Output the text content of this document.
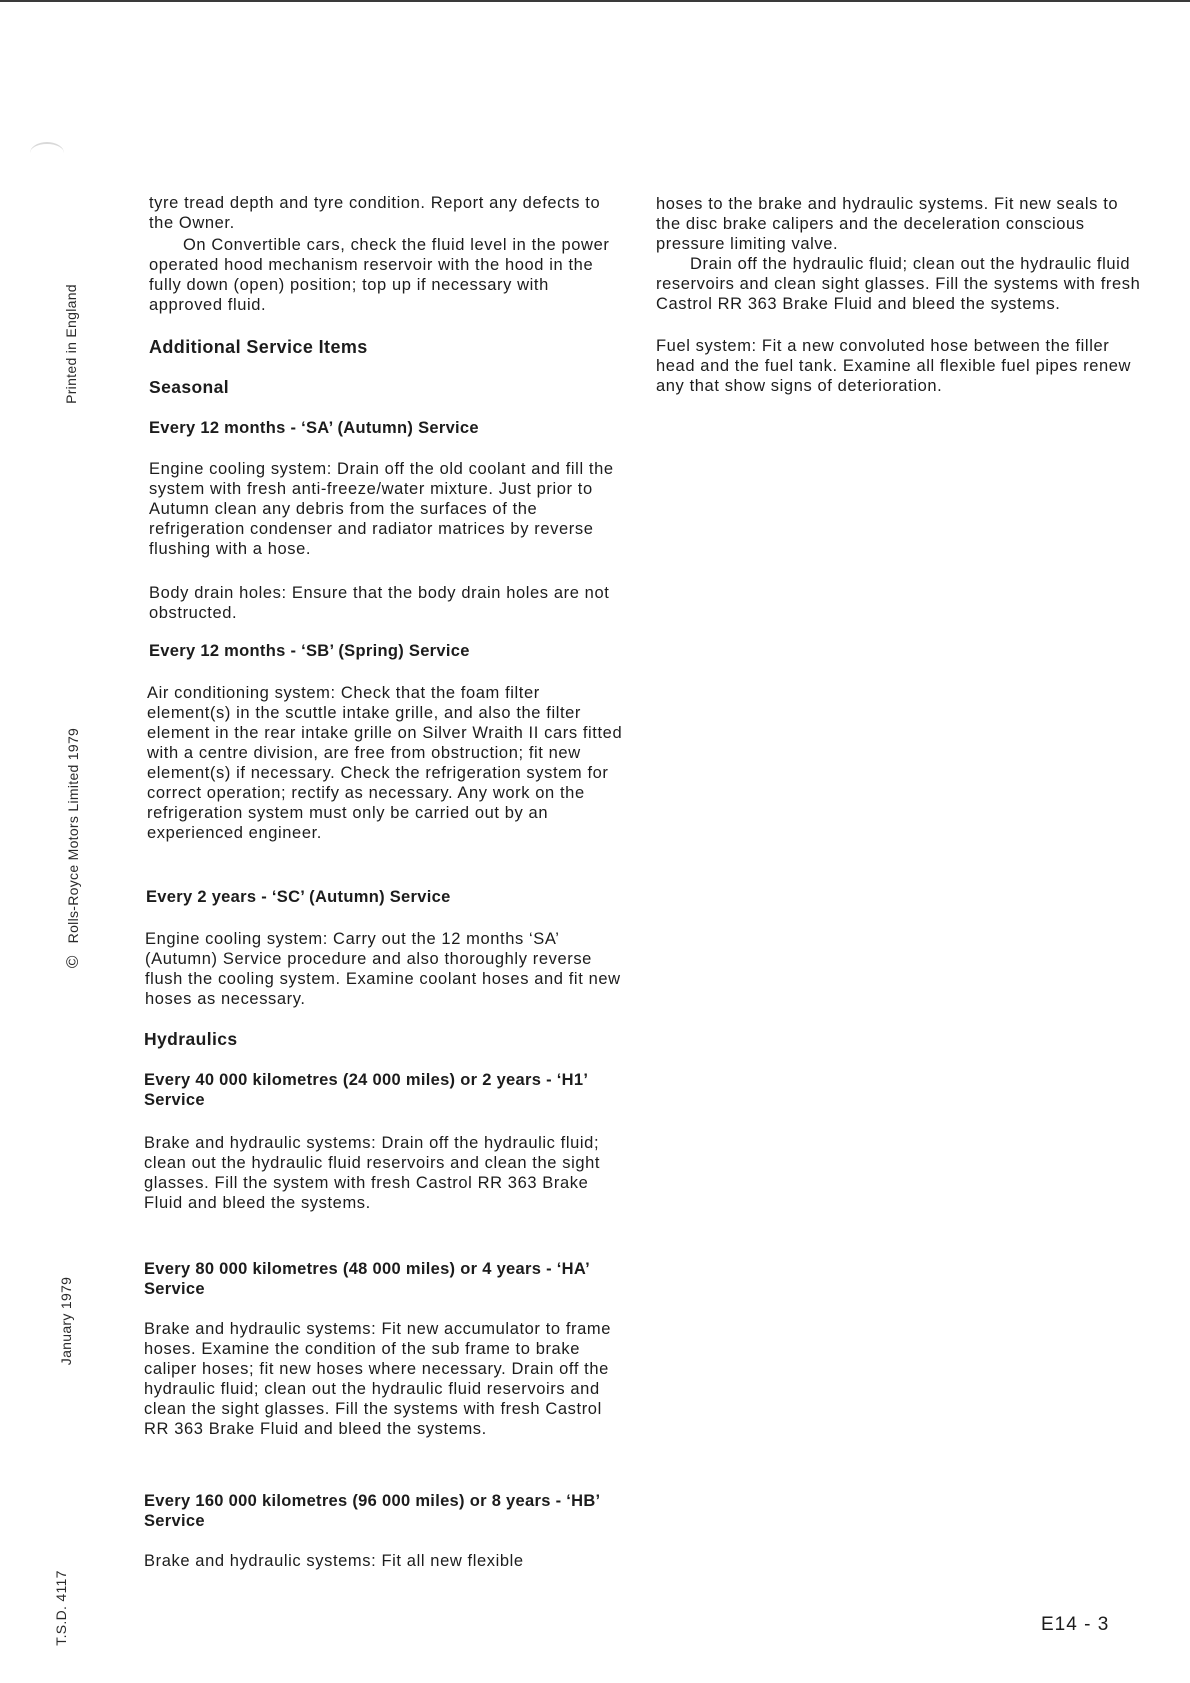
Printed in England
©Rolls-Royce Motors Limited 1979
January 1979
T.S.D. 4117

tyre tread depth and tyre condition. Report any defects to the Owner.

On Convertible cars, check the fluid level in the power operated hood mechanism reservoir with the hood in the fully down (open) position; top up if necessary with approved fluid.

Additional Service Items
Seasonal
Every 12 months - ‘SA’ (Autumn) Service

Engine cooling system: Drain off the old coolant and fill the system with fresh anti-freeze/water mixture. Just prior to Autumn clean any debris from the surfaces of the refrigeration condenser and radiator matrices by reverse flushing with a hose.

Body drain holes: Ensure that the body drain holes are not obstructed.

Every 12 months - ‘SB’ (Spring) Service

Air conditioning system: Check that the foam filter element(s) in the scuttle intake grille, and also the filter element in the rear intake grille on Silver Wraith II cars fitted with a centre division, are free from obstruction; fit new element(s) if necessary. Check the refrigeration system for correct operation; rectify as necessary. Any work on the refrigeration system must only be carried out by an experienced engineer.

Every 2 years - ‘SC’ (Autumn) Service

Engine cooling system: Carry out the 12 months ‘SA’ (Autumn) Service procedure and also thoroughly reverse flush the cooling system. Examine coolant hoses and fit new hoses as necessary.

Hydraulics
Every 40 000 kilometres (24 000 miles) or 2 years - ‘H1’ Service

Brake and hydraulic systems: Drain off the hydraulic fluid; clean out the hydraulic fluid reservoirs and clean the sight glasses. Fill the system with fresh Castrol RR 363 Brake Fluid and bleed the systems.

Every 80 000 kilometres (48 000 miles) or 4 years - ‘HA’ Service

Brake and hydraulic systems: Fit new accumulator to frame hoses. Examine the condition of the sub frame to brake caliper hoses; fit new hoses where necessary. Drain off the hydraulic fluid; clean out the hydraulic fluid reservoirs and clean the sight glasses. Fill the systems with fresh Castrol RR 363 Brake Fluid and bleed the systems.

Every 160 000 kilometres (96 000 miles) or 8 years - ‘HB’ Service

Brake and hydraulic systems: Fit all new flexible

hoses to the brake and hydraulic systems. Fit new seals to the disc brake calipers and the deceleration conscious pressure limiting valve.

Drain off the hydraulic fluid; clean out the hydraulic fluid reservoirs and clean sight glasses. Fill the systems with fresh Castrol RR 363 Brake Fluid and bleed the systems.

Fuel system: Fit a new convoluted hose between the filler head and the fuel tank. Examine all flexible fuel pipes renew any that show signs of deterioration.

E14 - 3
